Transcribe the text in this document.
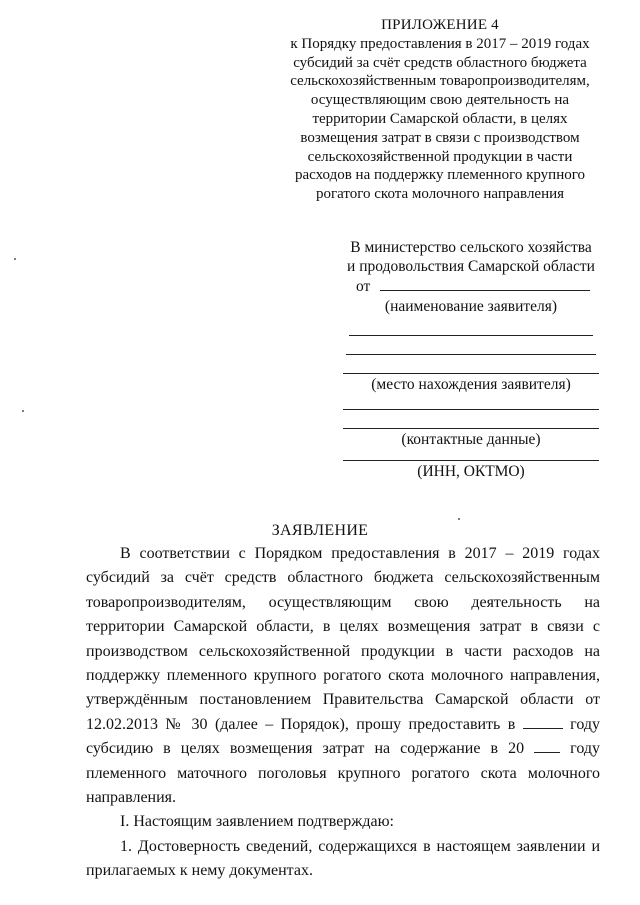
ПРИЛОЖЕНИЕ 4
к Порядку предоставления в 2017 – 2019 годах
субсидий за счёт средств областного бюджета
сельскохозяйственным товаропроизводителям,
осуществляющим свою деятельность на
территории Самарской области, в целях
возмещения затрат в связи с производством
сельскохозяйственной продукции в части
расходов на поддержку племенного крупного
рогатого скота молочного направления
В министерство сельского хозяйства
и продовольствия Самарской области
от
(наименование заявителя)
(место нахождения заявителя)
(контактные данные)
(ИНН, ОКТМО)
ЗАЯВЛЕНИЕ

В соответствии с Порядком предоставления в 2017 – 2019 годах субсидий за счёт средств областного бюджета сельскохозяйственным товаропроизводителям, осуществляющим свою деятельность на территории Самарской области, в целях возмещения затрат в связи с производством сельскохозяйственной продукции в части расходов на поддержку племенного крупного рогатого скота молочного направления, утверждённым постановлением Правительства Самарской области от 12.02.2013 № 30 (далее – Порядок), прошу предоставить в	году субсидию в целях возмещения затрат на содержание в 20	году племенного маточного поголовья крупного рогатого скота молочного направления.

I. Настоящим заявлением подтверждаю:

1. Достоверность сведений, содержащихся в настоящем заявлении и прилагаемых к нему документах.
